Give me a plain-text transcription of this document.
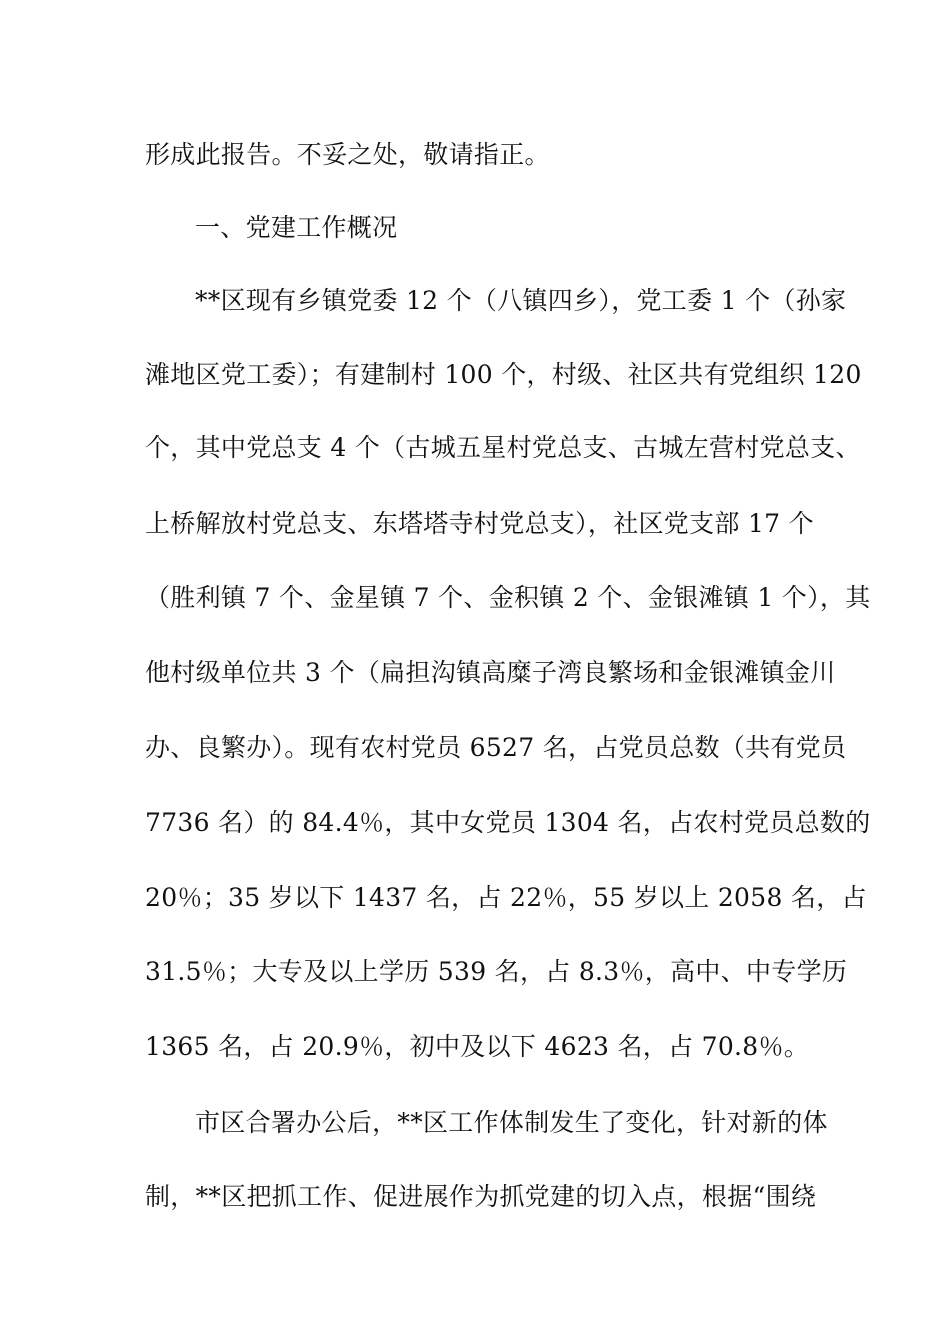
形成此报告。不妥之处，敬请指正。
一、党建工作概况
**区现有乡镇党委 12 个（八镇四乡），党工委 1 个（孙家
滩地区党工委）；有建制村 100 个，村级、社区共有党组织 120
个，其中党总支 4 个（古城五星村党总支、古城左营村党总支、
上桥解放村党总支、东塔塔寺村党总支），社区党支部 17 个
（胜利镇 7 个、金星镇 7 个、金积镇 2 个、金银滩镇 1 个），其
他村级单位共 3 个（扁担沟镇高糜子湾良繁场和金银滩镇金川
办、良繁办）。现有农村党员 6527 名，占党员总数（共有党员
7736 名）的 84.4％，其中女党员 1304 名，占农村党员总数的
20％；35 岁以下 1437 名，占 22％，55 岁以上 2058 名，占
31.5％；大专及以上学历 539 名，占 8.3％，高中、中专学历
1365 名，占 20.9％，初中及以下 4623 名，占 70.8％。
市区合署办公后，**区工作体制发生了变化，针对新的体
制，**区把抓工作、促进展作为抓党建的切入点，根据“围绕
